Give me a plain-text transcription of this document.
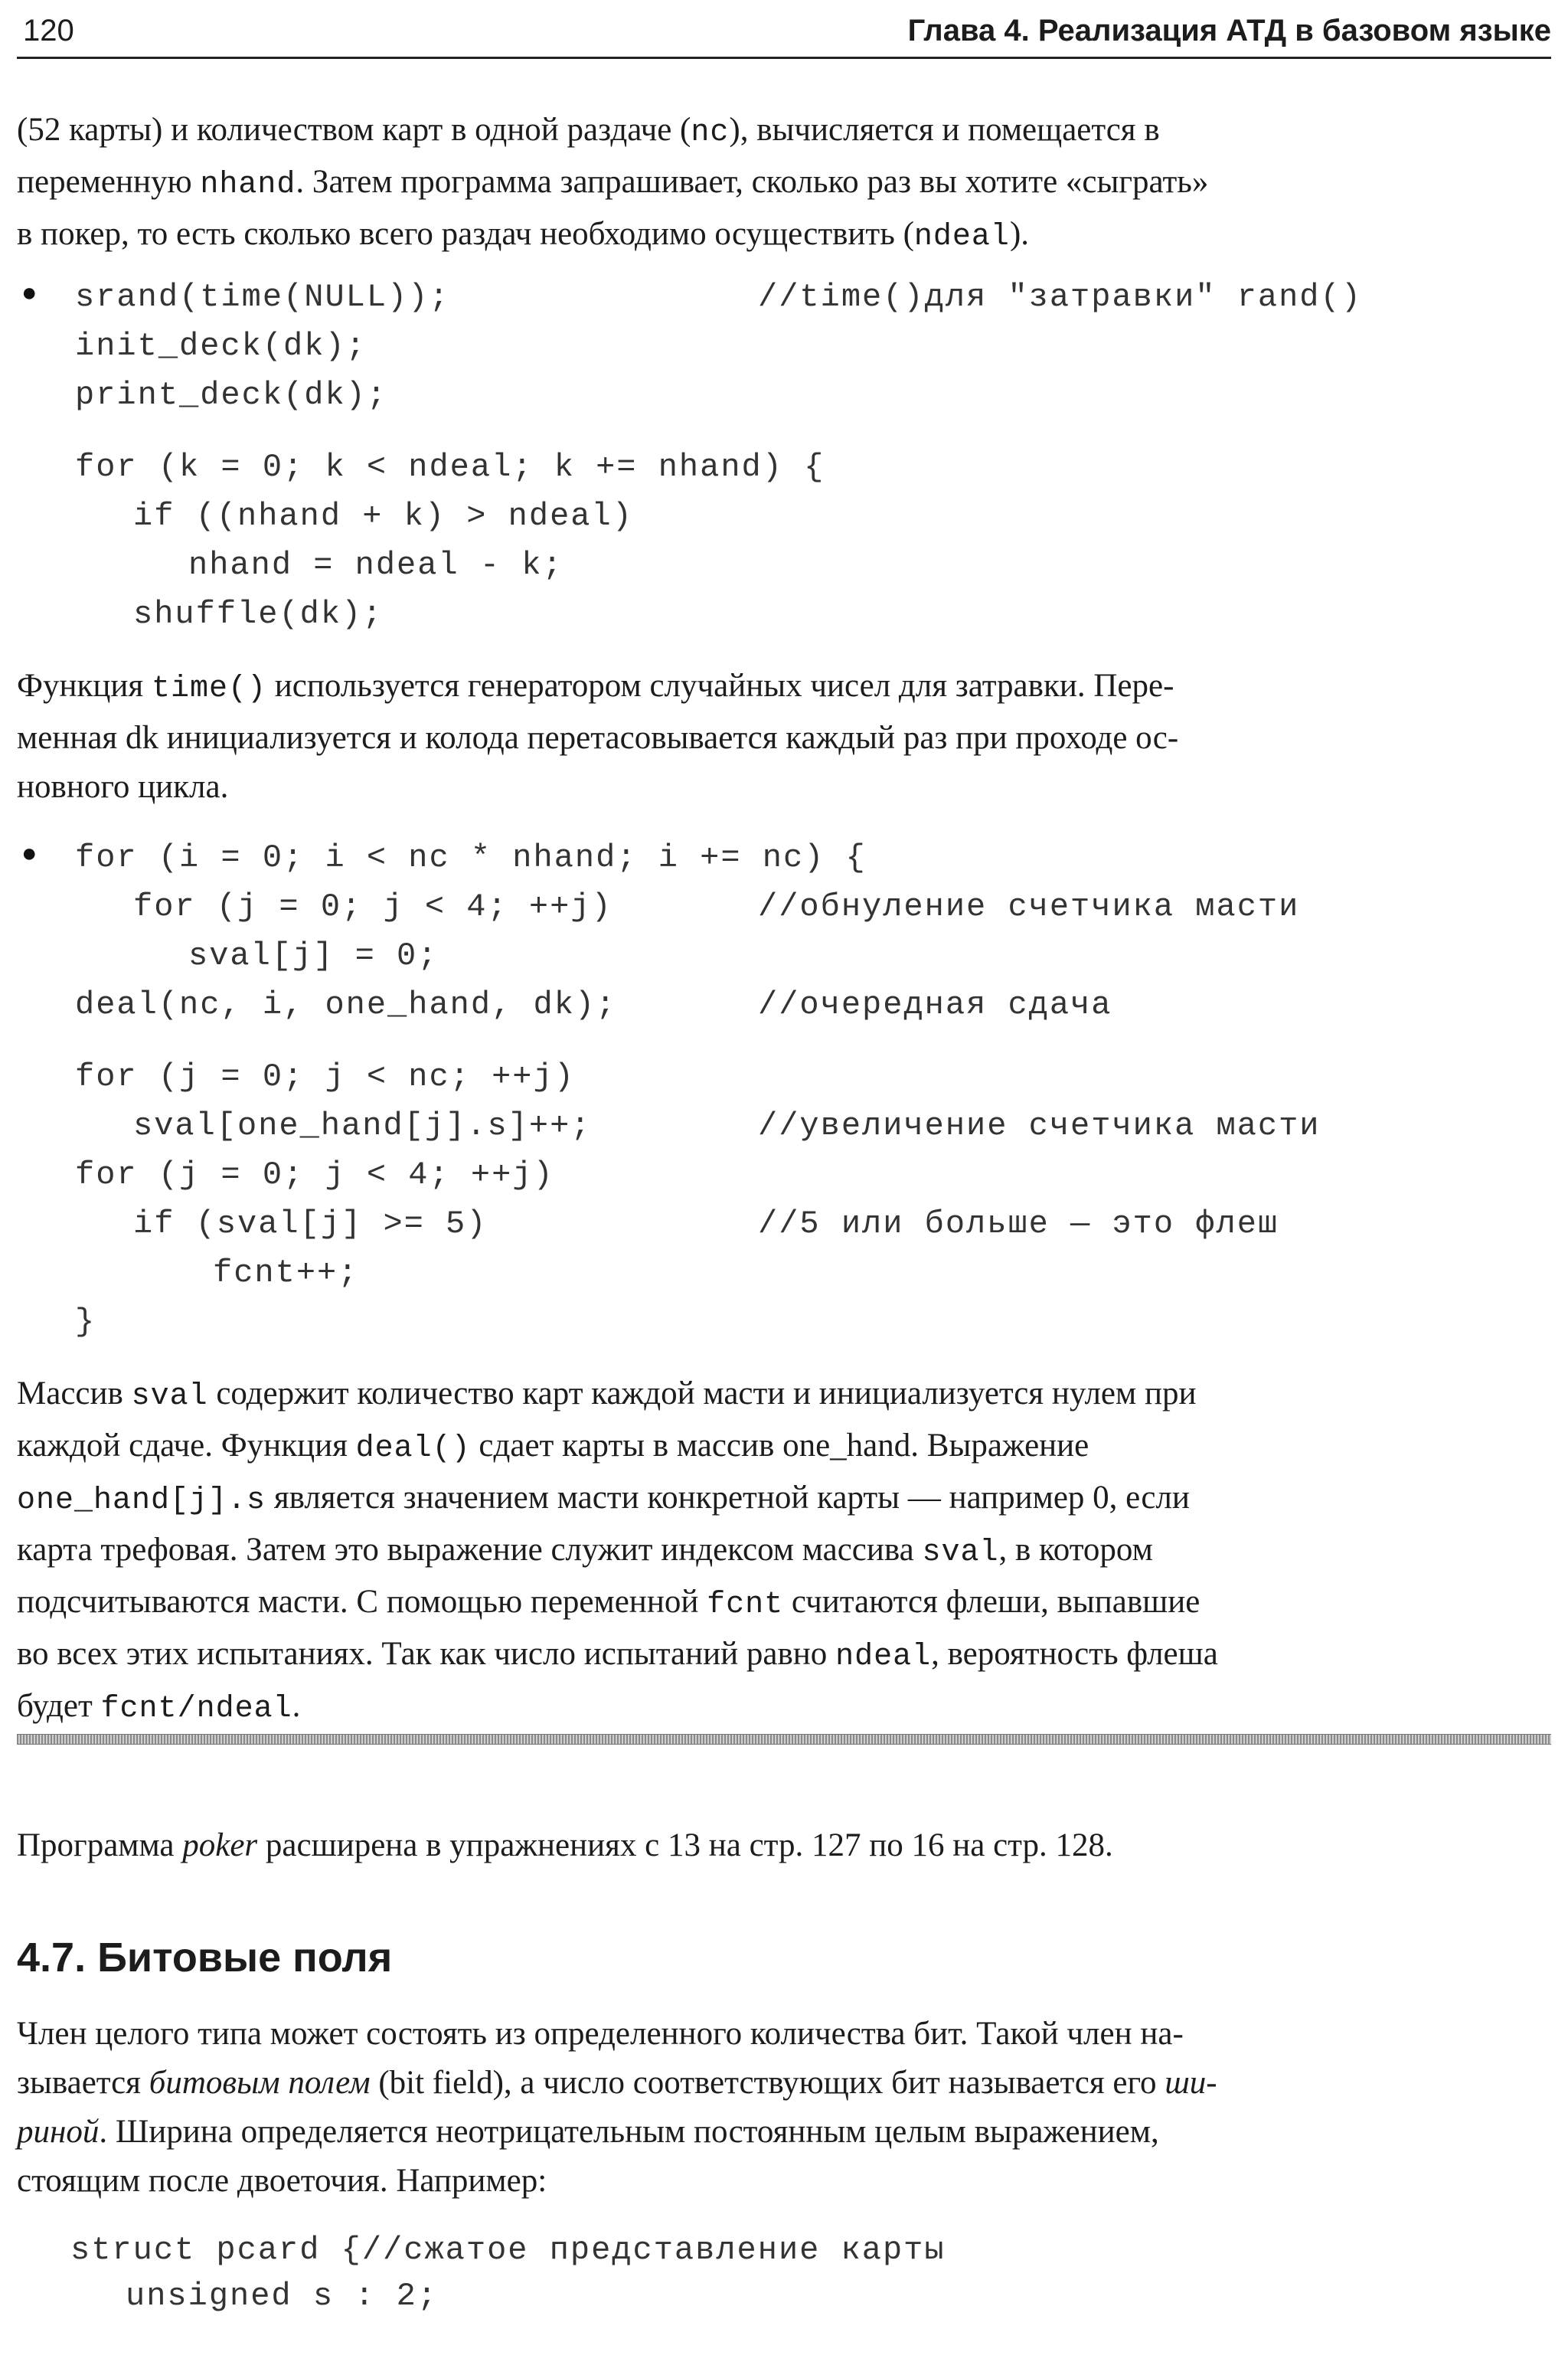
120	Глава 4. Реализация АТД в базовом языке
(52 карты) и количеством карт в одной раздаче (nc), вычисляется и помещается в
переменную nhand. Затем программа запрашивает, сколько раз вы хотите «сыграть»
в покер, то есть сколько всего раздач необходимо осуществить (ndeal).
● srand(time(NULL));	//time()для "затравки" rand()
init_deck(dk);
print_deck(dk);
for (k = 0; k < ndeal; k += nhand) {
if ((nhand + k) > ndeal)
nhand = ndeal - k;
shuffle(dk);
Функция time() используется генератором случайных чисел для затравки. Пере-
менная dk инициализуется и колода перетасовывается каждый раз при проходе ос-
новного цикла.
● for (i = 0; i < nc * nhand; i += nc) {
for (j = 0; j < 4; ++j)	//обнуление счетчика масти
sval[j] = 0;
deal(nc, i, one_hand, dk);	//очередная сдача
for (j = 0; j < nc; ++j)
sval[one_hand[j].s]++;	//увеличение счетчика масти
for (j = 0; j < 4; ++j)
if (sval[j] >= 5)	//5 или больше — это флеш
fcnt++;
}
Массив sval содержит количество карт каждой масти и инициализуется нулем при
каждой сдаче. Функция deal() сдает карты в массив one_hand. Выражение
one_hand[j].s является значением масти конкретной карты — например 0, если
карта трефовая. Затем это выражение служит индексом массива sval, в котором
подсчитываются масти. С помощью переменной fcnt считаются флеши, выпавшие
во всех этих испытаниях. Так как число испытаний равно ndeal, вероятность флеша
будет fcnt/ndeal.
Программа poker расширена в упражнениях с 13 на стр. 127 по 16 на стр. 128.
4.7. Битовые поля
Член целого типа может состоять из определенного количества бит. Такой член на-
зывается битовым полем (bit field), а число соответствующих бит называется его ши-
риной. Ширина определяется неотрицательным постоянным целым выражением,
стоящим после двоеточия. Например:
struct pcard {//сжатое представление карты
unsigned s : 2;
